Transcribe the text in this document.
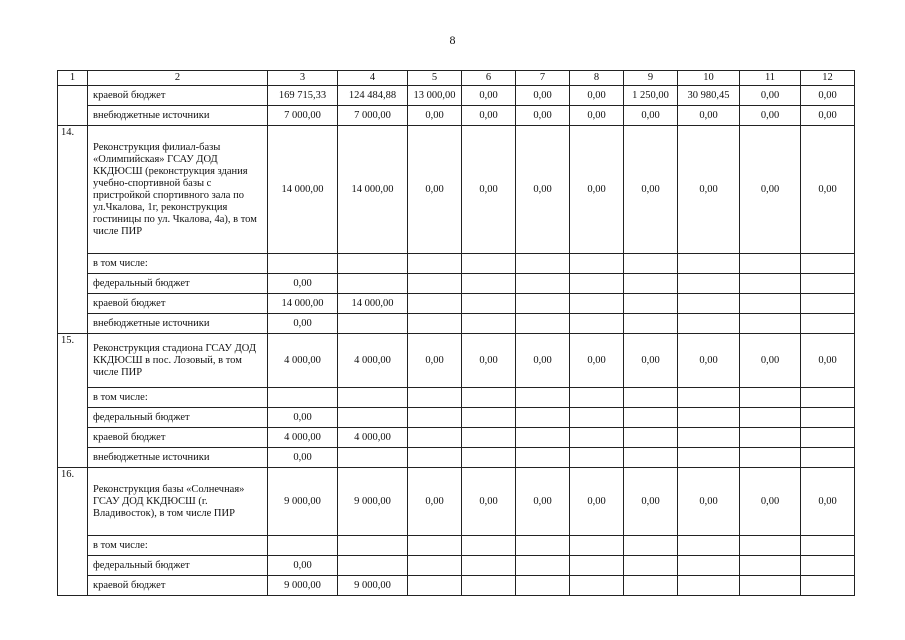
8
1	2	3	4	5	6	7	8	9	10	11	12
	краевой бюджет	169 715,33	124 484,88	13 000,00	0,00	0,00	0,00	1 250,00	30 980,45	0,00	0,00
	внебюджетные источники	7 000,00	7 000,00	0,00	0,00	0,00	0,00	0,00	0,00	0,00	0,00
14.	Реконструкция филиал-базы «Олимпийская» ГСАУ ДОД ККДЮСШ (реконструкция здания учебно-спортивной базы с пристройкой спортивного зала по ул.Чкалова, 1г, реконструкция гостиницы по ул. Чкалова, 4а), в том числе ПИР	14 000,00	14 000,00	0,00	0,00	0,00	0,00	0,00	0,00	0,00	0,00
	в том числе:										
	федеральный бюджет	0,00									
	краевой бюджет	14 000,00	14 000,00								
	внебюджетные источники	0,00									
15.	Реконструкция стадиона ГСАУ ДОД ККДЮСШ в пос. Лозовый, в том числе ПИР	4 000,00	4 000,00	0,00	0,00	0,00	0,00	0,00	0,00	0,00	0,00
	в том числе:										
	федеральный бюджет	0,00									
	краевой бюджет	4 000,00	4 000,00								
	внебюджетные источники	0,00									
16.	Реконструкция базы «Солнечная» ГСАУ ДОД ККДЮСШ (г. Владивосток), в том числе ПИР	9 000,00	9 000,00	0,00	0,00	0,00	0,00	0,00	0,00	0,00	0,00
	в том числе:										
	федеральный бюджет	0,00									
	краевой бюджет	9 000,00	9 000,00								
